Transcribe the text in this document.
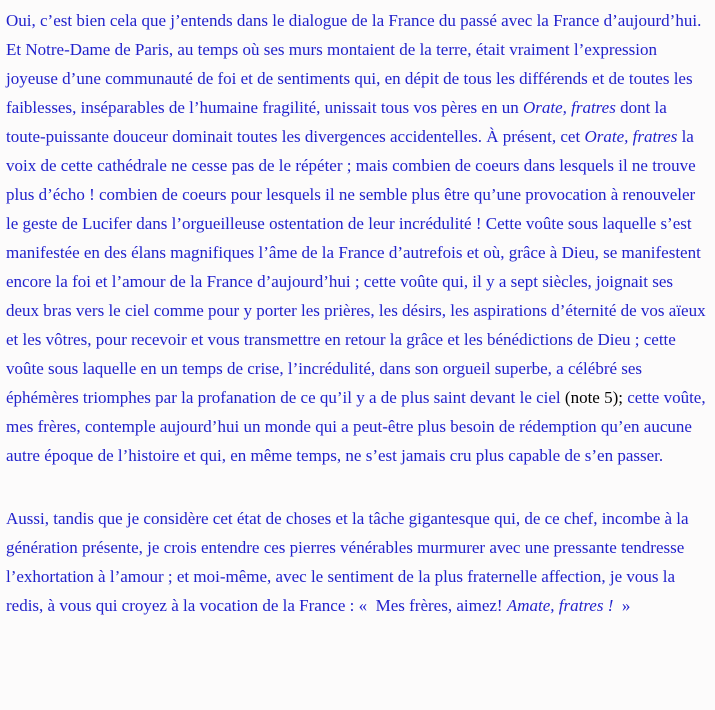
Oui, c’est bien cela que j’entends dans le dialogue de la France du passé avec la France d’aujourd’hui. Et Notre-Dame de Paris, au temps où ses murs montaient de la terre, était vraiment l’expression joyeuse d’une communauté de foi et de sentiments qui, en dépit de tous les différends et de toutes les faiblesses, inséparables de l’humaine fragilité, unissait tous vos pères en un Orate, fratres dont la toute-puissante douceur dominait toutes les divergences accidentelles. À présent, cet Orate, fratres la voix de cette cathédrale ne cesse pas de le répéter ; mais combien de coeurs dans lesquels il ne trouve plus d’écho ! combien de coeurs pour lesquels il ne semble plus être qu’une provocation à renouveler le geste de Lucifer dans l’orgueilleuse ostentation de leur incrédulité ! Cette voûte sous laquelle s’est manifestée en des élans magnifiques l’âme de la France d’autrefois et où, grâce à Dieu, se manifestent encore la foi et l’amour de la France d’aujourd’hui ; cette voûte qui, il y a sept siècles, joignait ses deux bras vers le ciel comme pour y porter les prières, les désirs, les aspirations d’éternité de vos aïeux et les vôtres, pour recevoir et vous transmettre en retour la grâce et les bénédictions de Dieu ; cette voûte sous laquelle en un temps de crise, l’incrédulité, dans son orgueil superbe, a célébré ses éphémères triomphes par la profanation de ce qu’il y a de plus saint devant le ciel (note 5); cette voûte, mes frères, contemple aujourd’hui un monde qui a peut-être plus besoin de rédemption qu’en aucune autre époque de l’histoire et qui, en même temps, ne s’est jamais cru plus capable de s’en passer.

Aussi, tandis que je considère cet état de choses et la tâche gigantesque qui, de ce chef, incombe à la génération présente, je crois entendre ces pierres vénérables murmurer avec une pressante tendresse l’exhortation à l’amour ; et moi-même, avec le sentiment de la plus fraternelle affection, je vous la redis, à vous qui croyez à la vocation de la France : «  Mes frères, aimez! Amate, fratres !  »
